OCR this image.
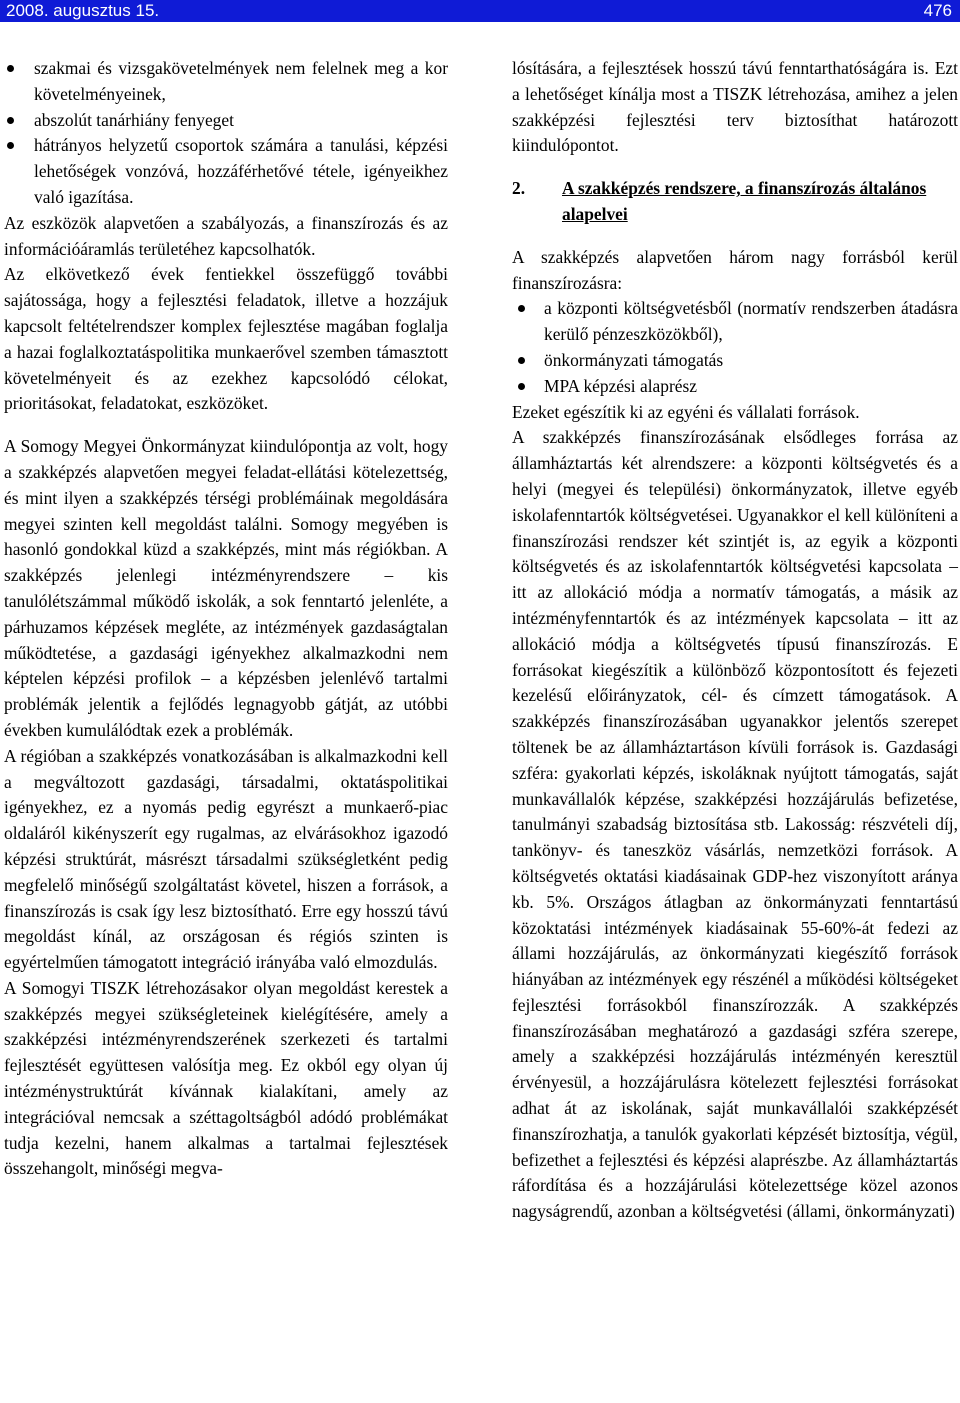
2008. augusztus 15.	476
szakmai és vizsgakövetelmények nem felelnek meg a kor követelményeinek,
abszolút tanárhiány fenyeget
hátrányos helyzetű csoportok számára a tanulási, képzési lehetőségek vonzóvá, hozzáférhetővé tétele, igényeikhez való igazítása.

Az eszközök alapvetően a szabályozás, a finanszírozás és az információáramlás területéhez kapcsolhatók.

Az elkövetkező évek fentiekkel összefüggő további sajátossága, hogy a fejlesztési feladatok, illetve a hozzájuk kapcsolt feltételrendszer komplex fejlesztése magában foglalja a hazai foglalkoztatáspolitika munkaerővel szemben támasztott követelményeit és az ezekhez kapcsolódó célokat, prioritásokat, feladatokat, eszközöket.

A Somogy Megyei Önkormányzat kiindulópontja az volt, hogy a szakképzés alapvetően megyei feladat-ellátási kötelezettség, és mint ilyen a szakképzés térségi problémáinak megoldására megyei szinten kell megoldást találni. Somogy megyében is hasonló gondokkal küzd a szakképzés, mint más régiókban. A szakképzés jelenlegi intézményrendszere – kis tanulólétszámmal működő iskolák, a sok fenntartó jelenléte, a párhuzamos képzések megléte, az intézmények gazdaságtalan működtetése, a gazdasági igényekhez alkalmazkodni nem képtelen képzési profilok – a képzésben jelenlévő tartalmi problémák jelentik a fejlődés legnagyobb gátját, az utóbbi években kumulálódtak ezek a problémák.

A régióban a szakképzés vonatkozásában is alkalmazkodni kell a megváltozott gazdasági, társadalmi, oktatáspolitikai igényekhez, ez a nyomás pedig egyrészt a munkaerő-piac oldaláról kikényszerít egy rugalmas, az elvárásokhoz igazodó képzési struktúrát, másrészt társadalmi szükségletként pedig megfelelő minőségű szolgáltatást követel, hiszen a források, a finanszírozás is csak így lesz biztosítható. Erre egy hosszú távú megoldást kínál, az országosan és régiós szinten is egyértelműen támogatott integráció irányába való elmozdulás.

A Somogyi TISZK létrehozásakor olyan megoldást kerestek a szakképzés megyei szükségleteinek kielégítésére, amely a szakképzési intézményrendszerének szerkezeti és tartalmi fejlesztését együttesen valósítja meg. Ez okból egy olyan új intézménystruktúrát kívánnak kialakítani, amely az integrációval nemcsak a széttagoltságból adódó problémákat tudja kezelni, hanem alkalmas a tartalmai fejlesztések összehangolt, minőségi megva-

lósítására, a fejlesztések hosszú távú fenntarthatóságára is. Ezt a lehetőséget kínálja most a TISZK létrehozása, amihez a jelen szakképzési fejlesztési terv biztosíthat határozott kiindulópontot.

2.	A szakképzés rendszere, a finanszírozás általános alapelvei

A szakképzés alapvetően három nagy forrásból kerül finanszírozásra:

a központi költségvetésből (normatív rendszerben átadásra kerülő pénzeszközökből),
önkormányzati támogatás
MPA képzési alaprész

Ezeket egészítik ki az egyéni és vállalati források.

A szakképzés finanszírozásának elsődleges forrása az államháztartás két alrendszere: a központi költségvetés és a helyi (megyei és települési) önkormányzatok, illetve egyéb iskolafenntartók költségvetései. Ugyanakkor el kell különíteni a finanszírozási rendszer két szintjét is, az egyik a központi költségvetés és az iskolafenntartók költségvetési kapcsolata – itt az allokáció módja a normatív támogatás, a másik az intézményfenntartók és az intézmények kapcsolata – itt az allokáció módja a költségvetés típusú finanszírozás. E forrásokat kiegészítik a különböző központosított és fejezeti kezelésű előirányzatok, cél- és címzett támogatások. A szakképzés finanszírozásában ugyanakkor jelentős szerepet töltenek be az államháztartáson kívüli források is. Gazdasági szféra: gyakorlati képzés, iskoláknak nyújtott támogatás, saját munkavállalók képzése, szakképzési hozzájárulás befizetése, tanulmányi szabadság biztosítása stb. Lakosság: részvételi díj, tankönyv- és taneszköz vásárlás, nemzetközi források. A költségvetés oktatási kiadásainak GDP-hez viszonyított aránya kb. 5%. Országos átlagban az önkormányzati fenntartású közoktatási intézmények kiadásainak 55-60%-át fedezi az állami hozzájárulás, az önkormányzati kiegészítő források hiányában az intézmények egy részénél a működési költségeket fejlesztési forrásokból finanszírozzák. A szakképzés finanszírozásában meghatározó a gazdasági szféra szerepe, amely a szakképzési hozzájárulás intézményén keresztül érvényesül, a hozzájárulásra kötelezett fejlesztési forrásokat adhat át az iskolának, saját munkavállalói szakképzését finanszírozhatja, a tanulók gyakorlati képzését biztosítja, végül, befizethet a fejlesztési és képzési alaprészbe. Az államháztartás ráfordítása és a hozzájárulási kötelezettsége közel azonos nagyságrendű, azonban a költségvetési (állami, önkormányzati)
